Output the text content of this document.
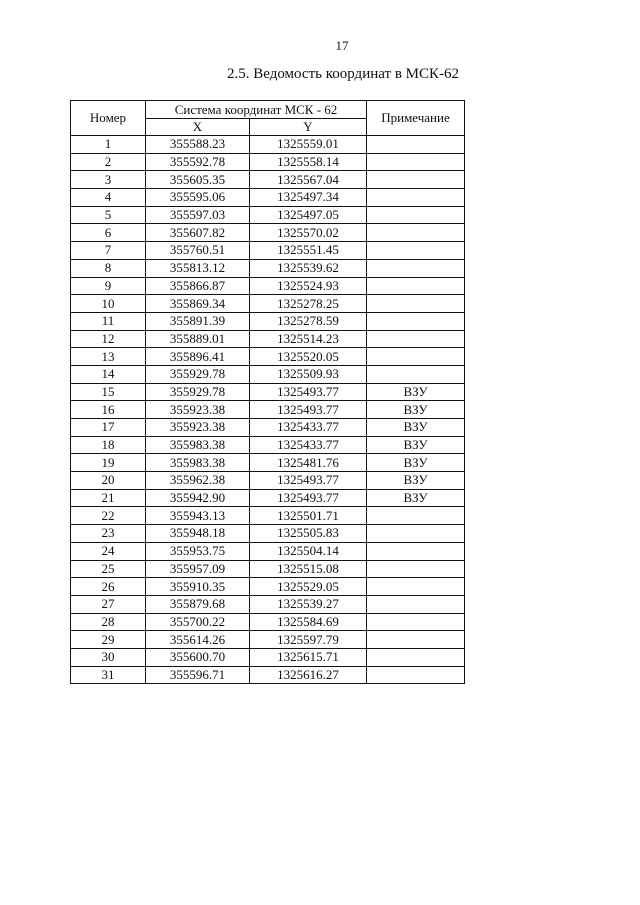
17
2.5. Ведомость координат в МСК-62
Номер	Система координат МСК - 62		Примечание
	X	Y	
1	355588.23	1325559.01	
2	355592.78	1325558.14	
3	355605.35	1325567.04	
4	355595.06	1325497.34	
5	355597.03	1325497.05	
6	355607.82	1325570.02	
7	355760.51	1325551.45	
8	355813.12	1325539.62	
9	355866.87	1325524.93	
10	355869.34	1325278.25	
11	355891.39	1325278.59	
12	355889.01	1325514.23	
13	355896.41	1325520.05	
14	355929.78	1325509.93	
15	355929.78	1325493.77	ВЗУ
16	355923.38	1325493.77	ВЗУ
17	355923.38	1325433.77	ВЗУ
18	355983.38	1325433.77	ВЗУ
19	355983.38	1325481.76	ВЗУ
20	355962.38	1325493.77	ВЗУ
21	355942.90	1325493.77	ВЗУ
22	355943.13	1325501.71	
23	355948.18	1325505.83	
24	355953.75	1325504.14	
25	355957.09	1325515.08	
26	355910.35	1325529.05	
27	355879.68	1325539.27	
28	355700.22	1325584.69	
29	355614.26	1325597.79	
30	355600.70	1325615.71	
31	355596.71	1325616.27	
